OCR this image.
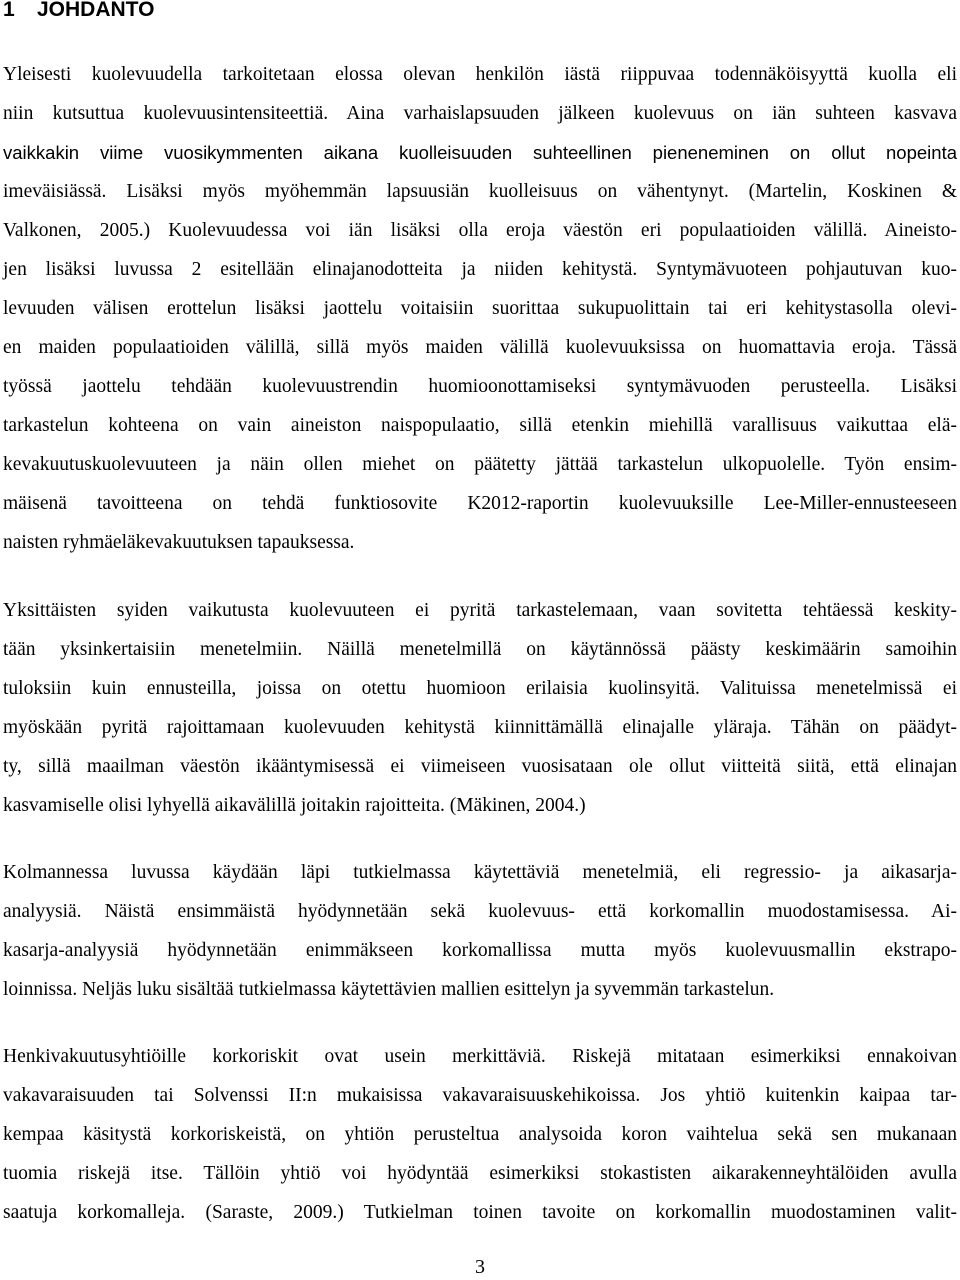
1 JOHDANTO

Yleisesti kuolevuudella tarkoitetaan elossa olevan henkilön iästä riippuvaa todennäköisyyttä kuolla eli
niin kutsuttua kuolevuusintensiteettiä. Aina varhaislapsuuden jälkeen kuolevuus on iän suhteen kasvava
vaikkakin viime vuosikymmenten aikana kuolleisuuden suhteellinen pieneneminen on ollut nopeinta
imeväisiässä. Lisäksi myös myöhemmän lapsuusiän kuolleisuus on vähentynyt. (Martelin, Koskinen &
Valkonen, 2005.) Kuolevuudessa voi iän lisäksi olla eroja väestön eri populaatioiden välillä. Aineisto-
jen lisäksi luvussa 2 esitellään elinajanodotteita ja niiden kehitystä. Syntymävuoteen pohjautuvan kuo-
levuuden välisen erottelun lisäksi jaottelu voitaisiin suorittaa sukupuolittain tai eri kehitystasolla olevi-
en maiden populaatioiden välillä, sillä myös maiden välillä kuolevuuksissa on huomattavia eroja. Tässä
työssä jaottelu tehdään kuolevuustrendin huomioonottamiseksi syntymävuoden perusteella. Lisäksi
tarkastelun kohteena on vain aineiston naispopulaatio, sillä etenkin miehillä varallisuus vaikuttaa elä-
kevakuutuskuolevuuteen ja näin ollen miehet on päätetty jättää tarkastelun ulkopuolelle. Työn ensim-
mäisenä tavoitteena on tehdä funktiosovite K2012-raportin kuolevuuksille Lee-Miller-ennusteeseen
naisten ryhmäeläkevakuutuksen tapauksessa.

Yksittäisten syiden vaikutusta kuolevuuteen ei pyritä tarkastelemaan, vaan sovitetta tehtäessä keskity-
tään yksinkertaisiin menetelmiin. Näillä menetelmillä on käytännössä päästy keskimäärin samoihin
tuloksiin kuin ennusteilla, joissa on otettu huomioon erilaisia kuolinsyitä. Valituissa menetelmissä ei
myöskään pyritä rajoittamaan kuolevuuden kehitystä kiinnittämällä elinajalle yläraja. Tähän on päädyt-
ty, sillä maailman väestön ikääntymisessä ei viimeiseen vuosisataan ole ollut viitteitä siitä, että elinajan
kasvamiselle olisi lyhyellä aikavälillä joitakin rajoitteita. (Mäkinen, 2004.)

Kolmannessa luvussa käydään läpi tutkielmassa käytettäviä menetelmiä, eli regressio- ja aikasarja-
analyysiä. Näistä ensimmäistä hyödynnetään sekä kuolevuus- että korkomallin muodostamisessa. Ai-
kasarja-analyysiä hyödynnetään enimmäkseen korkomallissa mutta myös kuolevuusmallin ekstrapo-
loinnissa. Neljäs luku sisältää tutkielmassa käytettävien mallien esittelyn ja syvemmän tarkastelun.

Henkivakuutusyhtiöille korkoriskit ovat usein merkittäviä. Riskejä mitataan esimerkiksi ennakoivan
vakavaraisuuden tai Solvenssi II:n mukaisissa vakavaraisuuskehikoissa. Jos yhtiö kuitenkin kaipaa tar-
kempaa käsitystä korkoriskeistä, on yhtiön perusteltua analysoida koron vaihtelua sekä sen mukanaan
tuomia riskejä itse. Tällöin yhtiö voi hyödyntää esimerkiksi stokastisten aikarakenneyhtälöiden avulla
saatuja korkomalleja. (Saraste, 2009.) Tutkielman toinen tavoite on korkomallin muodostaminen valit-

3
